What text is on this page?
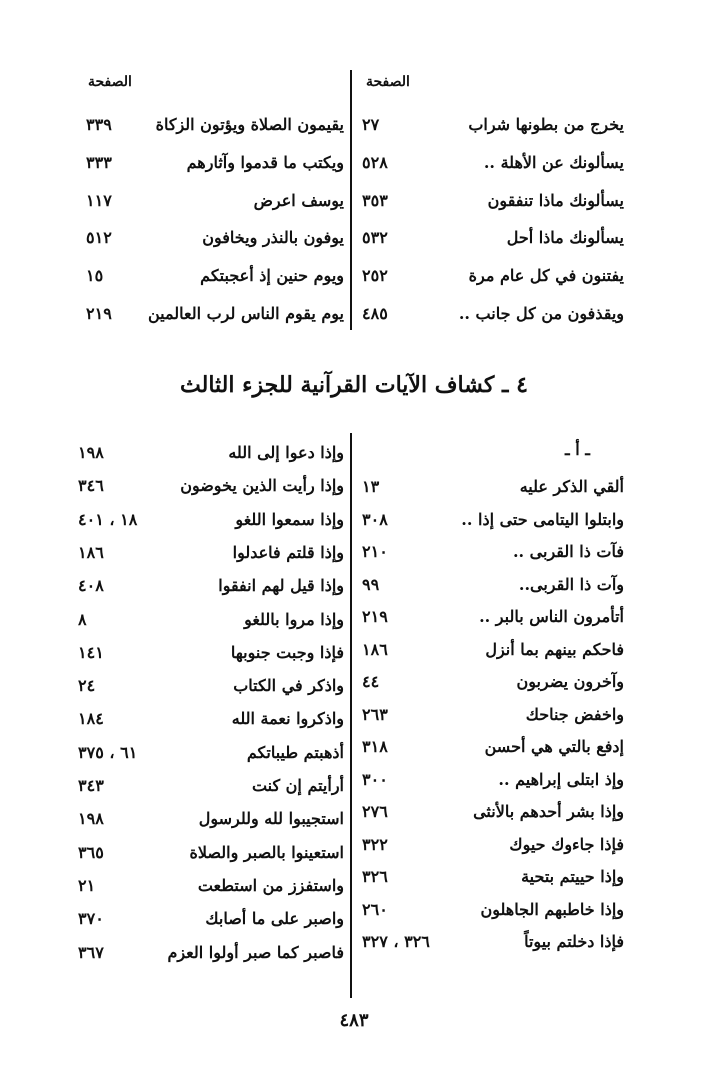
الصفحة	الصفحة
يخرج من بطونها شراب
٢٧
يسألونك عن الأهلة ..
٥٢٨
يسألونك ماذا تنفقون
٣٥٣
يسألونك ماذا أحل
٥٣٢
يفتنون في كل عام مرة
٢٥٢
ويقذفون من كل جانب ..
٤٨٥
يقيمون الصلاة ويؤتون الزكاة
٣٣٩
ويكتب ما قدموا وآثارهم
٣٣٣
يوسف اعرض
١١٧
يوفون بالنذر ويخافون
٥١٢
ويوم حنين إذ أعجبتكم
١٥
يوم يقوم الناس لرب العالمين
٢١٩
٤ ـ كشاف الآيات القرآنية للجزء الثالث
ـ أ ـ
ألقي الذكر عليه
١٣
وابتلوا اليتامى حتى إذا ..
٣٠٨
فآت ذا القربى ..
٢١٠
وآت ذا القربى..
٩٩
أتأمرون الناس بالبر ..
٢١٩
فاحكم بينهم بما أنزل
١٨٦
وآخرون يضربون
٤٤
واخفض جناحك
٢٦٣
إدفع بالتي هي أحسن
٣١٨
وإذ ابتلى إبراهيم ..
٣٠٠
وإذا بشر أحدهم بالأنثى
٢٧٦
فإذا جاءوك حيوك
٣٢٢
وإذا حييتم بتحية
٣٢٦
وإذا خاطبهم الجاهلون
٢٦٠
فإذا دخلتم بيوتاً
٣٢٦ ، ٣٢٧
وإذا دعوا إلى الله
١٩٨
وإذا رأيت الذين يخوضون
٣٤٦
وإذا سمعوا اللغو
١٨ ، ٤٠١
وإذا قلتم فاعدلوا
١٨٦
وإذا قيل لهم انفقوا
٤٠٨
وإذا مروا باللغو
٨
فإذا وجبت جنوبها
١٤١
واذكر في الكتاب
٢٤
واذكروا نعمة الله
١٨٤
أذهبتم طيباتكم
٦١ ، ٣٧٥
أرأيتم إن كنت
٣٤٣
استجيبوا لله وللرسول
١٩٨
استعينوا بالصبر والصلاة
٣٦٥
واستفزز من استطعت
٢١
واصبر على ما أصابك
٣٧٠
فاصبر كما صبر أولوا العزم
٣٦٧
٤٨٣
